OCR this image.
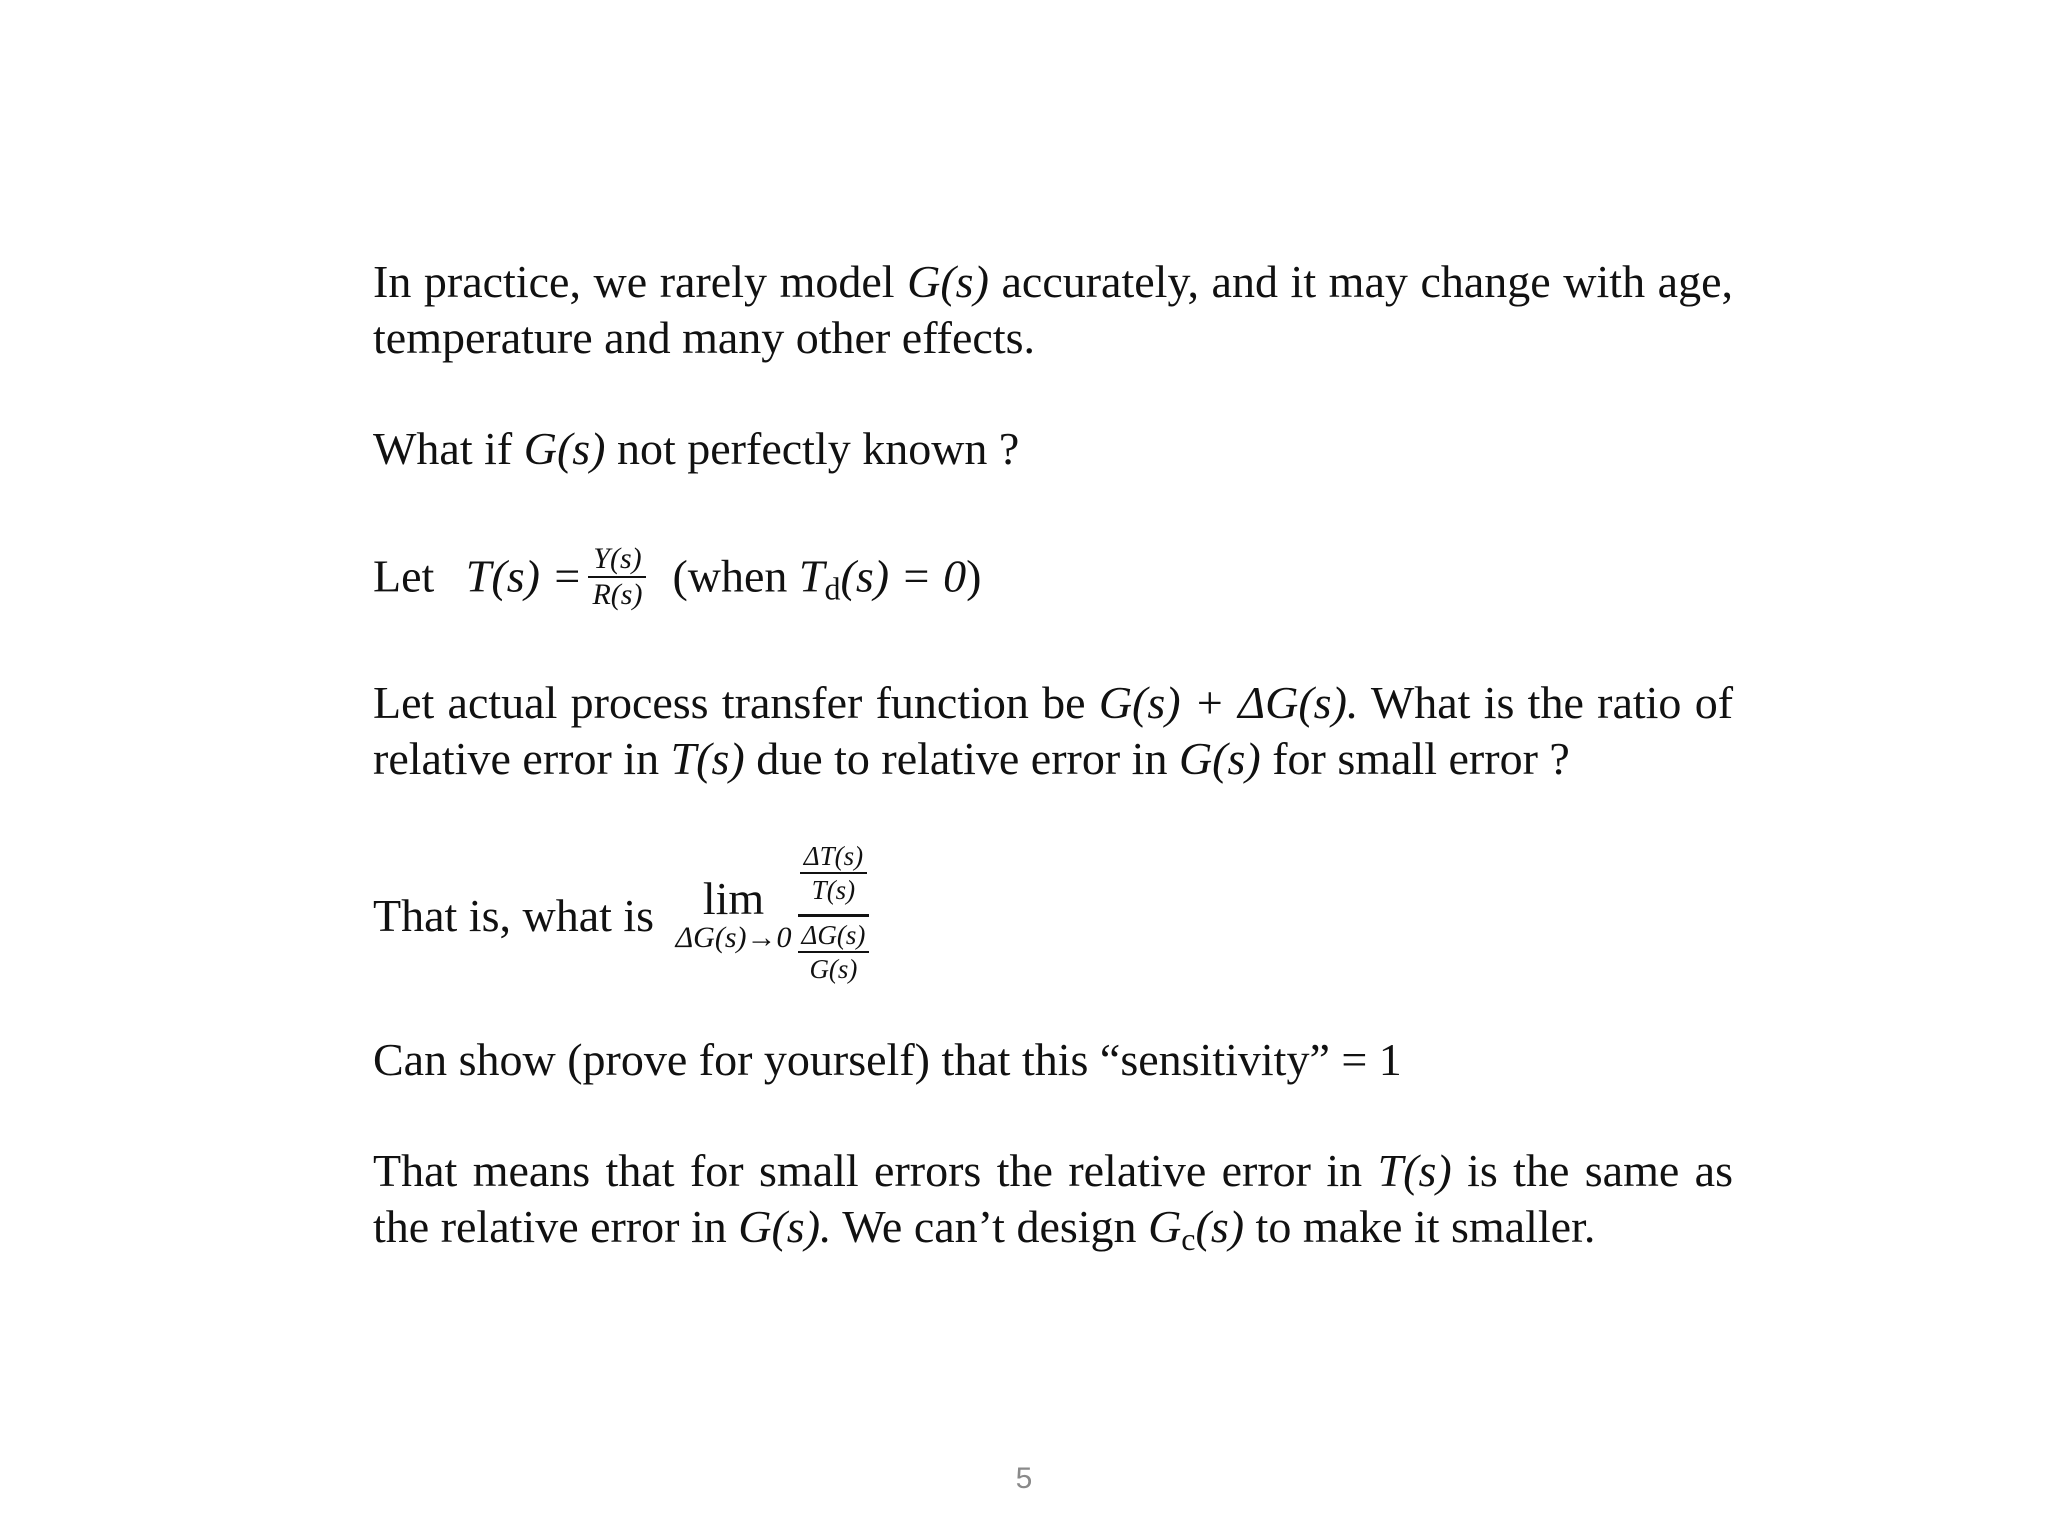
In practice, we rarely model G(s) accurately, and it may change with age, temperature and many other effects.
What if G(s) not perfectly known ?
Let $T(s) = \frac{Y(s)}{R(s)}$ (when $T_d(s) = 0$)
Let actual process transfer function be G(s) + ΔG(s). What is the ratio of relative error in T(s) due to relative error in G(s) for small error ?
That is, what is lim
$\Delta G(s)\to 0 \frac{\frac{\Delta T(s)}{T(s)}}{\frac{\Delta G(s)}{G(s)}}$
Can show (prove for yourself) that this “sensitivity” = 1
That means that for small errors the relative error in T(s) is the same as the relative error in G(s). We can’t design $G_c(s)$ to make it smaller.
5
